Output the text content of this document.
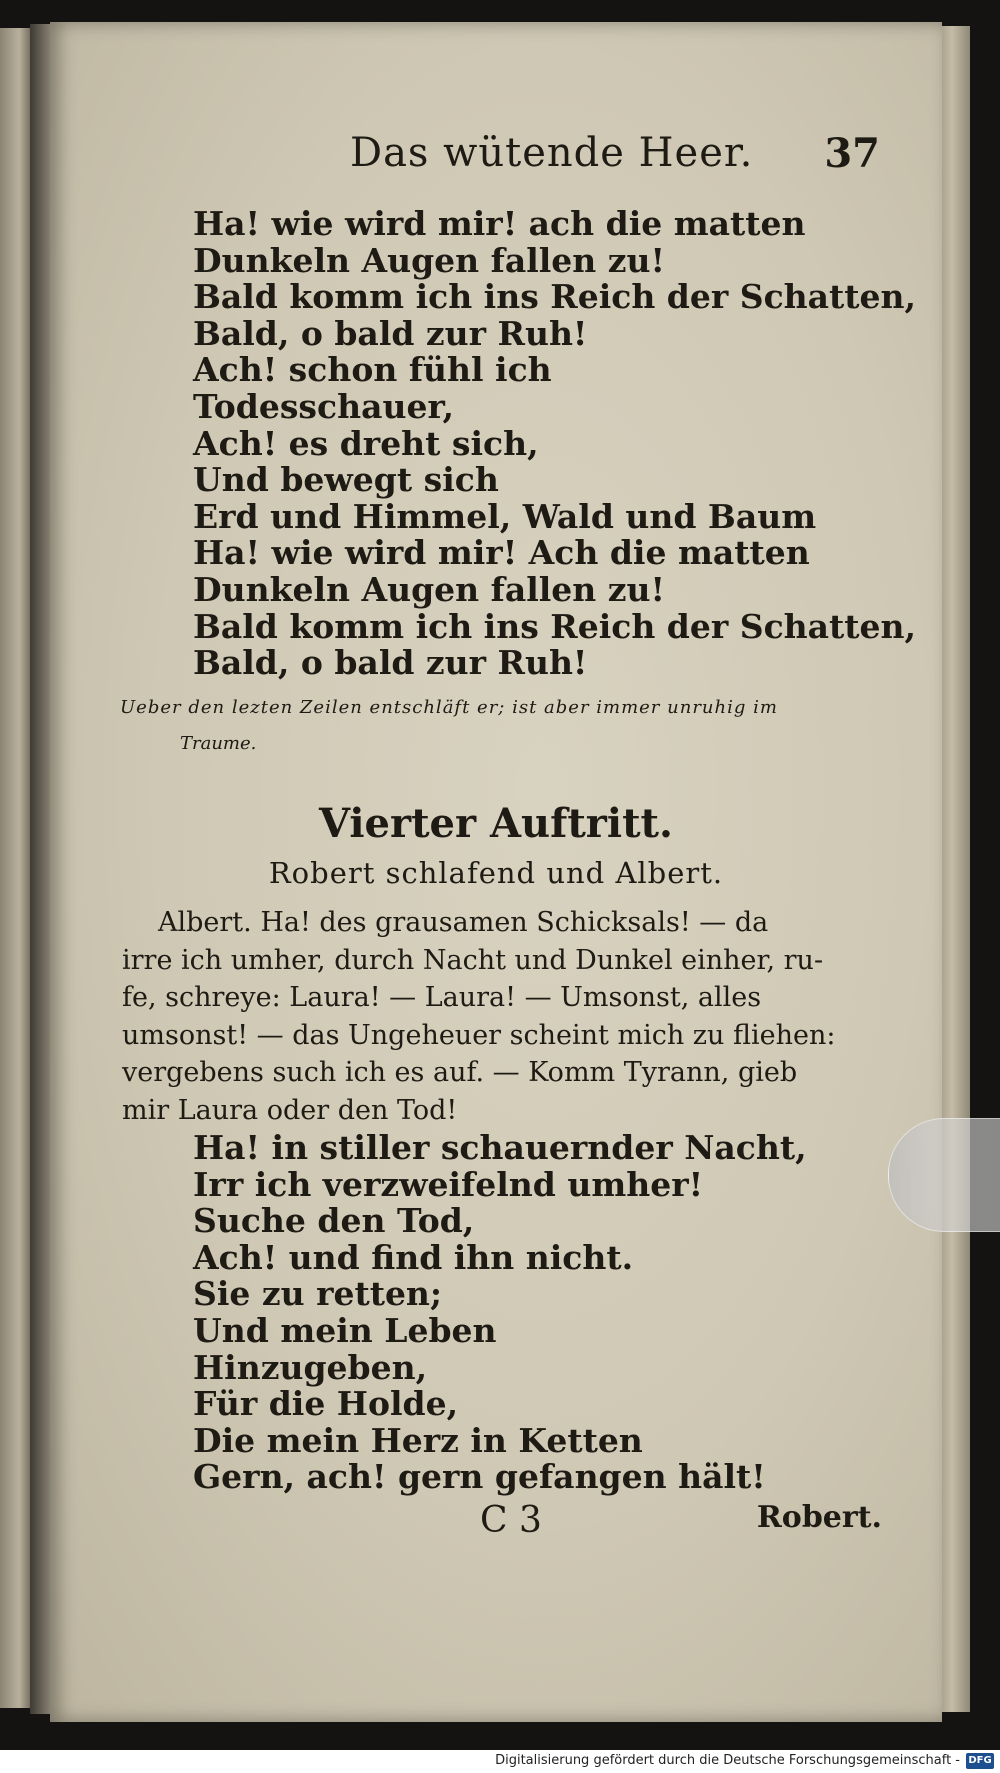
Das wütende Heer. 37
Ha! wie wird mir! ach die matten
Dunkeln Augen fallen zu!
Bald komm ich ins Reich der Schatten,
Bald, o bald zur Ruh!
Ach! schon fühl ich
Todesschauer,
Ach! es dreht sich,
Und bewegt sich
Erd und Himmel, Wald und Baum
Ha! wie wird mir! Ach die matten
Dunkeln Augen fallen zu!
Bald komm ich ins Reich der Schatten,
Bald, o bald zur Ruh!
Ueber den lezten Zeilen entschläft er; ist aber immer unruhig im
Traume.
Vierter Auftritt.
Robert schlafend und Albert.
Albert. Ha! des grausamen Schicksals! — da
irre ich umher, durch Nacht und Dunkel einher, ru-
fe, schreye: Laura! — Laura! — Umsonst, alles
umsonst! — das Ungeheuer scheint mich zu fliehen:
vergebens such ich es auf. — Komm Tyrann, gieb
mir Laura oder den Tod!
Ha! in stiller schauernder Nacht,
Irr ich verzweifelnd umher!
Suche den Tod,
Ach! und find ihn nicht.
Sie zu retten;
Und mein Leben
Hinzugeben,
Für die Holde,
Die mein Herz in Ketten
Gern, ach! gern gefangen hält!
C 3	Robert.
Digitalisierung gefördert durch die Deutsche Forschungsgemeinschaft - DFG
